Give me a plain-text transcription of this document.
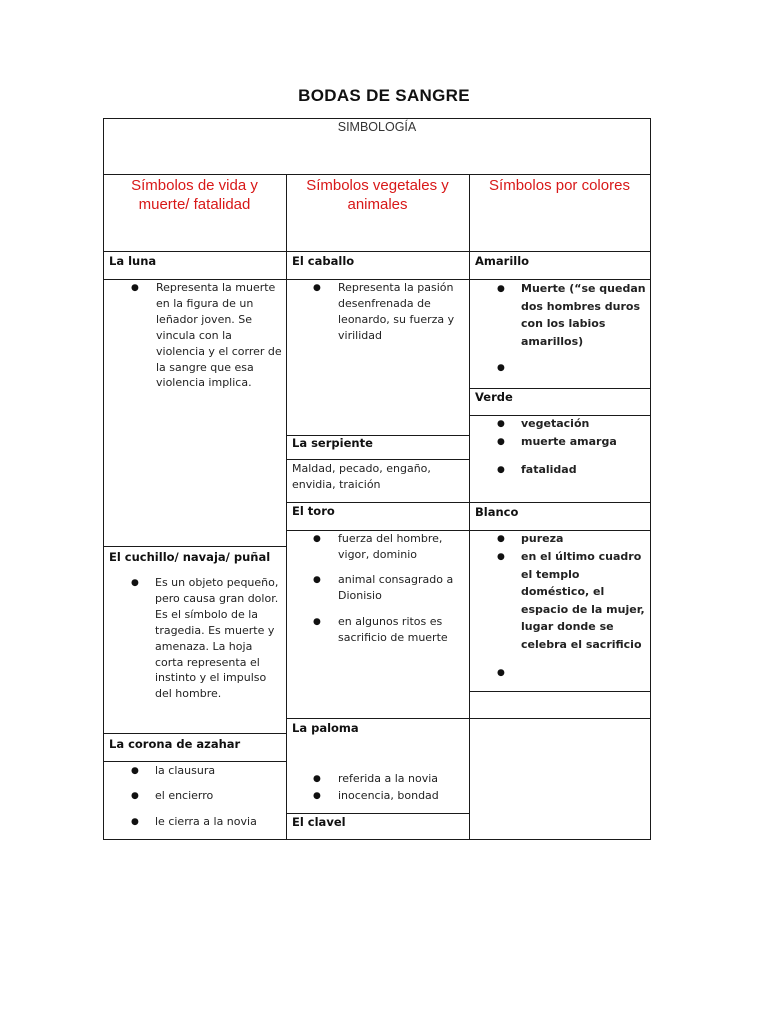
BODAS DE SANGRE
SIMBOLOGÍA
Símbolos de vida y muerte/ fatalidad
Símbolos vegetales y animales
Símbolos por colores
La luna
● Representa la muerte en la figura de un leñador joven. Se vincula con la violencia y el correr de la sangre que esa violencia implica.
El cuchillo/ navaja/ puñal
● Es un objeto pequeño, pero causa gran dolor. Es el símbolo de la tragedia. Es muerte y amenaza. La hoja corta representa el instinto y el impulso del hombre.
La corona de azahar
● la clausura
● el encierro
● le cierra a la novia
El caballo
● Representa la pasión desenfrenada de leonardo, su fuerza y virilidad
La serpiente
Maldad, pecado, engaño, envidia, traición
El toro
● fuerza del hombre, vigor, dominio
● animal consagrado a Dionisio
● en algunos ritos es sacrificio de muerte
La paloma
● referida a la novia
● inocencia, bondad
El clavel
Amarillo
● Muerte (“se quedan dos hombres duros con los labios amarillos)
●
Verde
● vegetación
● muerte amarga
● fatalidad
Blanco
● pureza
● en el último cuadro el templo doméstico, el espacio de la mujer, lugar donde se celebra el sacrificio
●
